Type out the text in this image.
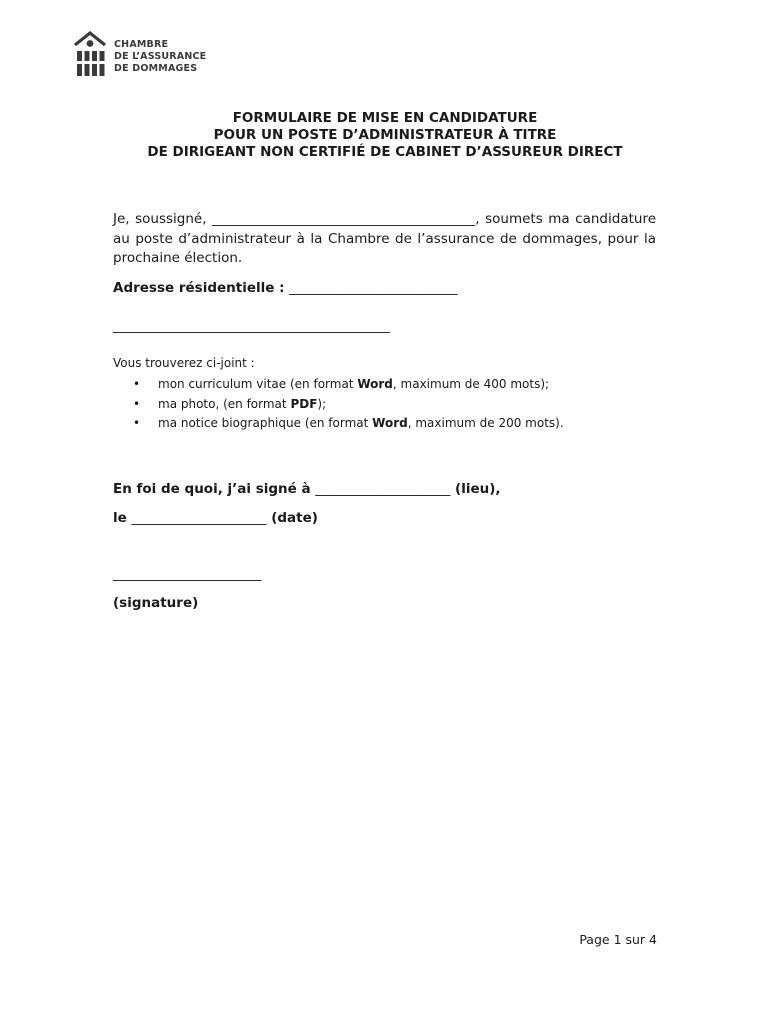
CHAMBRE
DE L’ASSURANCE
DE DOMMAGES
FORMULAIRE DE MISE EN CANDIDATURE
POUR UN POSTE D’ADMINISTRATEUR À TITRE
DE DIRIGEANT NON CERTIFIÉ DE CABINET D’ASSUREUR DIRECT
Je, soussigné, _______________________________________, soumets ma candidature au poste d’administrateur à la Chambre de l’assurance de dommages, pour la prochaine élection.
Adresse résidentielle : _________________________
_________________________________________
Vous trouverez ci-joint :
• mon curriculum vitae (en format Word, maximum de 400 mots);
• ma photo, (en format PDF);
• ma notice biographique (en format Word, maximum de 200 mots).
En foi de quoi, j’ai signé à ____________________ (lieu),
le ____________________ (date)
______________________
(signature)
Page 1 sur 4
